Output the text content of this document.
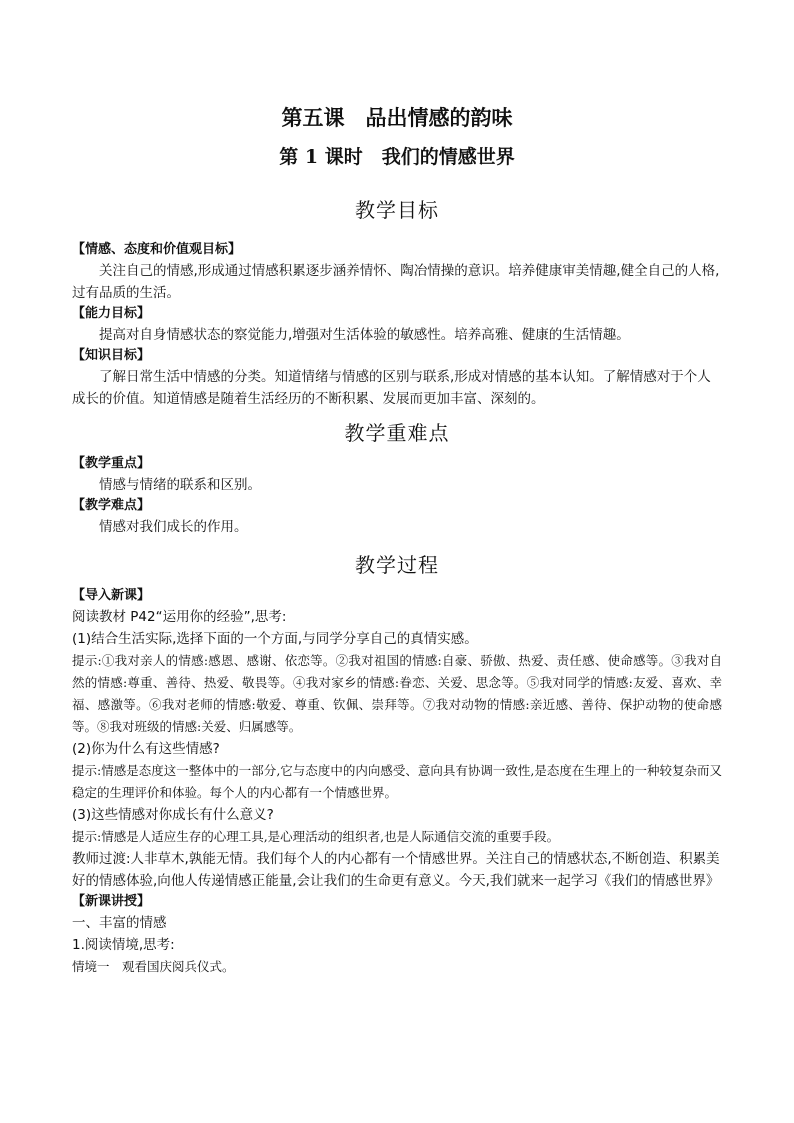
第五课　品出情感的韵味

第 1 课时　我们的情感世界

教学目标

【情感、态度和价值观目标】

关注自己的情感,形成通过情感积累逐步涵养情怀、陶冶情操的意识。培养健康审美情趣,健全自己的人格,过有品质的生活。

【能力目标】

提高对自身情感状态的察觉能力,增强对生活体验的敏感性。培养高雅、健康的生活情趣。

【知识目标】

了解日常生活中情感的分类。知道情绪与情感的区别与联系,形成对情感的基本认知。了解情感对于个人成长的价值。知道情感是随着生活经历的不断积累、发展而更加丰富、深刻的。

教学重难点

【教学重点】

情感与情绪的联系和区别。

【教学难点】

情感对我们成长的作用。

教学过程

【导入新课】

阅读教材 P42“运用你的经验”,思考:

(1)结合生活实际,选择下面的一个方面,与同学分享自己的真情实感。

提示:①我对亲人的情感:感恩、感谢、依恋等。②我对祖国的情感:自豪、骄傲、热爱、责任感、使命感等。③我对自然的情感:尊重、善待、热爱、敬畏等。④我对家乡的情感:眷恋、关爱、思念等。⑤我对同学的情感:友爱、喜欢、幸福、感激等。⑥我对老师的情感:敬爱、尊重、钦佩、崇拜等。⑦我对动物的情感:亲近感、善待、保护动物的使命感等。⑧我对班级的情感:关爱、归属感等。

(2)你为什么有这些情感?

提示:情感是态度这一整体中的一部分,它与态度中的内向感受、意向具有协调一致性,是态度在生理上的一种较复杂而又稳定的生理评价和体验。每个人的内心都有一个情感世界。

(3)这些情感对你成长有什么意义?

提示:情感是人适应生存的心理工具,是心理活动的组织者,也是人际通信交流的重要手段。

教师过渡:人非草木,孰能无情。我们每个人的内心都有一个情感世界。关注自己的情感状态,不断创造、积累美好的情感体验,向他人传递情感正能量,会让我们的生命更有意义。今天,我们就来一起学习《我们的情感世界》

【新课讲授】

一、丰富的情感

1.阅读情境,思考:

情境一　观看国庆阅兵仪式。
